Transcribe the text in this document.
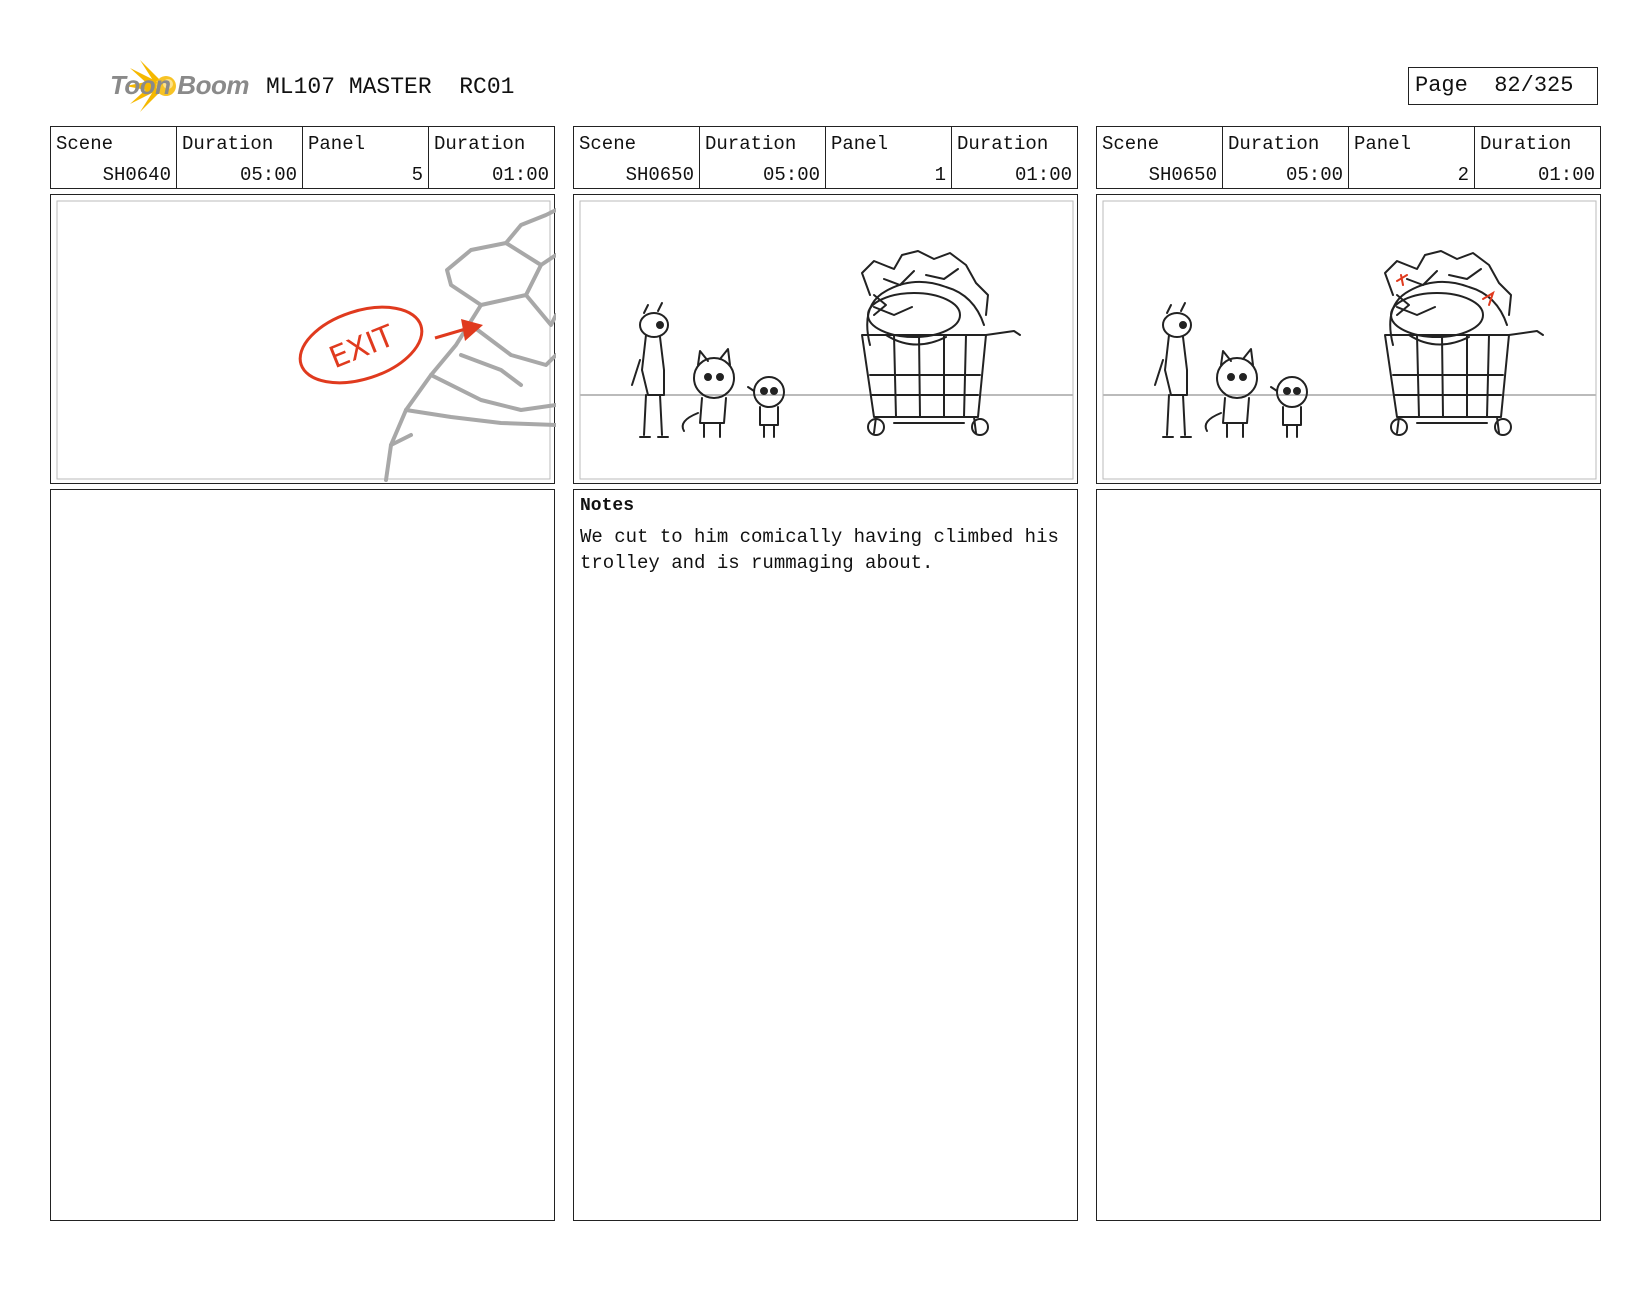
Toon Boom ML107 MASTER  RC01	Page 82/325
Scene
SH0640
Duration
05:00
Panel
5
Duration
01:00
EXIT
Scene
SH0650
Duration
05:00
Panel
1
Duration
01:00
Notes
We cut to him comically having climbed his trolley and is rummaging about.
Scene
SH0650
Duration
05:00
Panel
2
Duration
01:00
